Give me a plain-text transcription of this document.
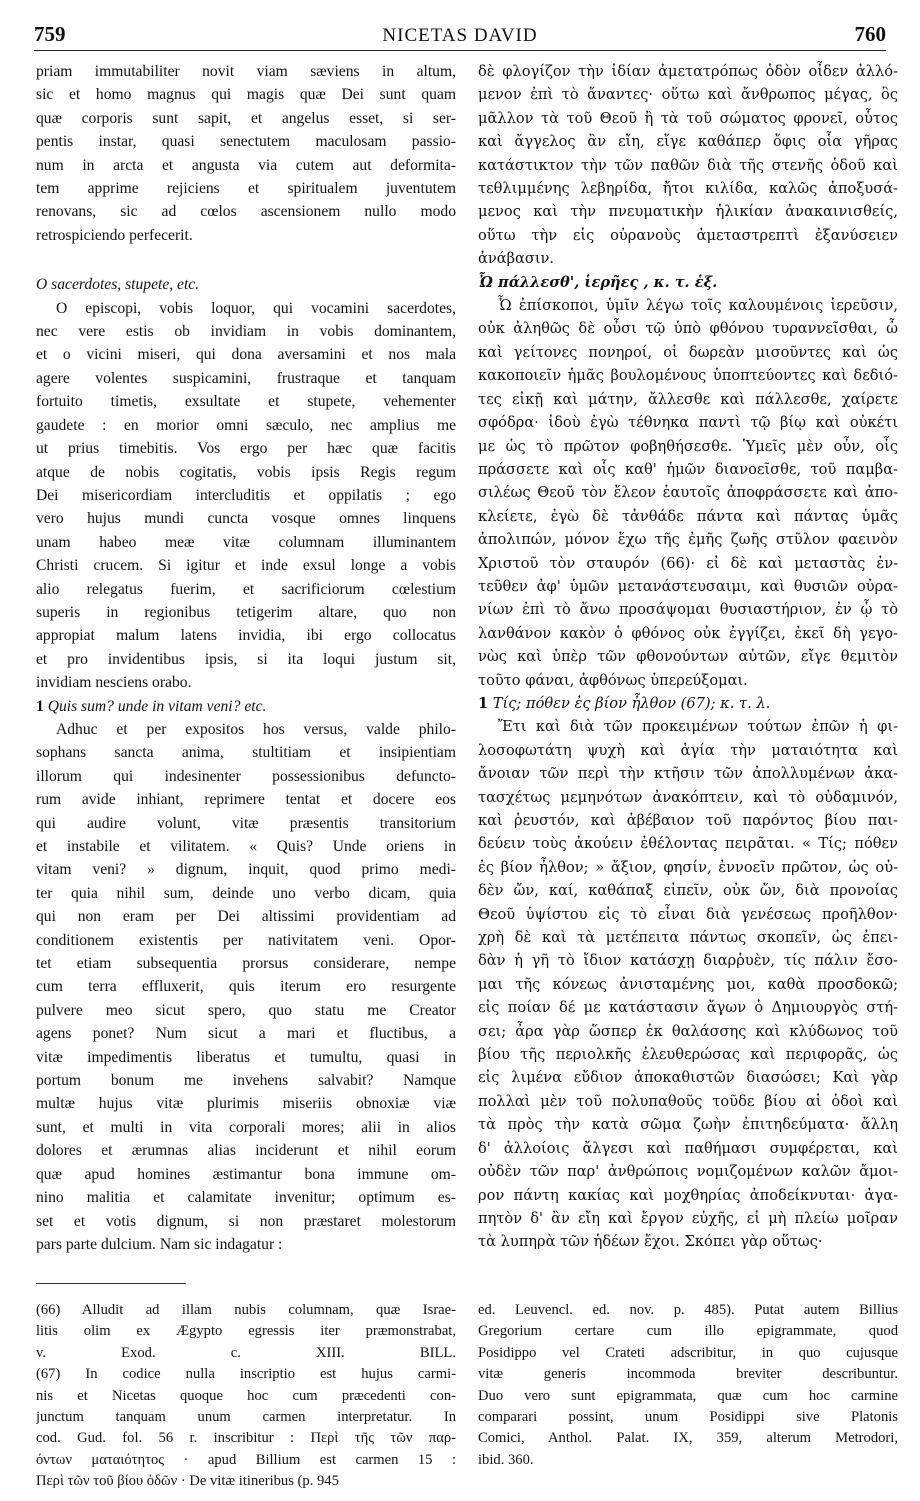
759	NICETAS DAVID	760
priam immutabiliter novit viam sæviens in altum,
sic et homo magnus qui magis quæ Dei sunt quam
quæ corporis sunt sapit, et angelus esset, si ser-
pentis instar, quasi senectutem maculosam passio-
num in arcta et angusta via cutem aut deformita-
tem apprime rejiciens et spiritualem juventutem
renovans, sic ad cœlos ascensionem nullo modo
retrospiciendo perfecerit.
O sacerdotes, stupete, etc.
O episcopi, vobis loquor, qui vocamini sacerdotes,
nec vere estis ob invidiam in vobis dominantem,
et o vicini miseri, qui dona aversamini et nos mala
agere volentes suspicamini, frustraque et tanquam
fortuito timetis, exsultate et stupete, vehementer
gaudete : en morior omni sæculo, nec amplius me
ut prius timebitis. Vos ergo per hæc quæ facitis
atque de nobis cogitatis, vobis ipsis Regis regum
Dei misericordiam intercluditis et oppilatis ; ego
vero hujus mundi cuncta vosque omnes linquens
unam habeo meæ vitæ columnam illuminantem
Christi crucem. Si igitur et inde exsul longe a vobis
alio relegatus fuerim, et sacrificiorum cœlestium
superis in regionibus tetigerim altare, quo non
appropiat malum latens invidia, ibi ergo collocatus
et pro invidentibus ipsis, si ita loqui justum sit,
invidiam nesciens orabo.
1 Quis sum? unde in vitam veni? etc.
Adhuc et per expositos hos versus, valde philo-
sophans sancta anima, stultitiam et insipientiam
illorum qui indesinenter possessionibus defuncto-
rum avide inhiant, reprimere tentat et docere eos
qui audire volunt, vitæ præsentis transitorium
et instabile et vilitatem. « Quis? Unde oriens in
vitam veni? » dignum, inquit, quod primo medi-
ter quia nihil sum, deinde uno verbo dicam, quia
qui non eram per Dei altissimi providentiam ad
conditionem existentis per nativitatem veni. Opor-
tet etiam subsequentia prorsus considerare, nempe
cum terra effluxerit, quis iterum ero resurgente
pulvere meo sicut spero, quo statu me Creator
agens ponet? Num sicut a mari et fluctibus, a
vitæ impedimentis liberatus et tumultu, quasi in
portum bonum me invehens salvabit? Namque
multæ hujus vitæ plurimis miseriis obnoxiæ viæ
sunt, et multi in vita corporali mores; alii in alios
dolores et ærumnas alias inciderunt et nihil eorum
quæ apud homines æstimantur bona immune om-
nino malitia et calamitate invenitur; optimum es-
set et votis dignum, si non præstaret molestorum
pars parte dulcium. Nam sic indagatur :
δὲ φλογίζον τὴν ἰδίαν ἀμετατρόπως ὁδὸν οἶδεν ἀλλό-
μενον ἐπὶ τὸ ἄναντες· οὕτω καὶ ἄνθρωπος μέγας, ὃς
μᾶλλον τὰ τοῦ Θεοῦ ἢ τὰ τοῦ σώματος φρονεῖ, οὗτος
καὶ ἄγγελος ἂν εἴη, εἴγε καθάπερ ὄφις οἷα γῆρας
κατάστικτον τὴν τῶν παθῶν διὰ τῆς στενῆς ὁδοῦ καὶ
τεθλιμμένης λεβηρίδα, ἤτοι κιλίδα, καλῶς ἀποξυσά-
μενος καὶ τὴν πνευματικὴν ἡλικίαν ἀνακαινισθείς,
οὕτω τὴν εἰς οὐρανοὺς ἀμεταστρεπτὶ ἐξανύσειεν
ἀνάβασιν.
Ὦ πάλλεσθ', ἱερῆες , κ. τ. ἑξ.
Ὦ ἐπίσκοποι, ὑμῖν λέγω τοῖς καλουμένοις ἱερεῦσιν,
οὐκ ἀληθῶς δὲ οὖσι τῷ ὑπὸ φθόνου τυραννεῖσθαι, ὦ
καὶ γείτονες πονηροί, οἱ δωρεὰν μισοῦντες καὶ ὡς
κακοποιεῖν ἡμᾶς βουλομένους ὑποπτεύοντες καὶ δεδιό-
τες εἰκῇ καὶ μάτην, ἄλλεσθε καὶ πάλλεσθε, χαίρετε
σφόδρα· ἰδοὺ ἐγὼ τέθνηκα παντὶ τῷ βίῳ καὶ οὐκέτι
με ὡς τὸ πρῶτον φοβηθήσεσθε. Ὑμεῖς μὲν οὖν, οἷς
πράσσετε καὶ οἷς καθ' ἡμῶν διανοεῖσθε, τοῦ παμβα-
σιλέως Θεοῦ τὸν ἔλεον ἑαυτοῖς ἀποφράσσετε καὶ ἀπο-
κλείετε, ἐγὼ δὲ τἀνθάδε πάντα καὶ πάντας ὑμᾶς
ἀπολιπών, μόνον ἔχω τῆς ἐμῆς ζωῆς στῦλον φαεινὸν
Χριστοῦ τὸν σταυρόν (66)· εἰ δὲ καὶ μεταστὰς ἐν-
τεῦθεν ἀφ' ὑμῶν μετανάστευσαιμι, καὶ θυσιῶν οὐρα-
νίων ἐπὶ τὸ ἄνω προσάψομαι θυσιαστήριον, ἐν ᾧ τὸ
λανθάνον κακὸν ὁ φθόνος οὐκ ἐγγίζει, ἐκεῖ δὴ γεγο-
νὼς καὶ ὑπὲρ τῶν φθονούντων αὐτῶν, εἴγε θεμιτὸν
τοῦτο φάναι, ἀφθόνως ὑπερεύξομαι.
1 Τίς; πόθεν ἐς βίον ἦλθον (67); κ. τ. λ.
Ἔτι καὶ διὰ τῶν προκειμένων τούτων ἐπῶν ἡ φι-
λοσοφωτάτη ψυχὴ καὶ ἁγία τὴν ματαιότητα καὶ
ἄνοιαν τῶν περὶ τὴν κτῆσιν τῶν ἀπολλυμένων ἀκα-
τασχέτως μεμηνότων ἀνακόπτειν, καὶ τὸ οὐδαμινόν,
καὶ ῥευστόν, καὶ ἀβέβαιον τοῦ παρόντος βίου παι-
δεύειν τοὺς ἀκούειν ἐθέλοντας πειρᾶται. « Τίς; πόθεν
ἐς βίον ἦλθον; » ἄξιον, φησίν, ἐννοεῖν πρῶτον, ὡς οὐ-
δὲν ὤν, καί, καθάπαξ εἰπεῖν, οὐκ ὤν, διὰ προνοίας
Θεοῦ ὑψίστου εἰς τὸ εἶναι διὰ γενέσεως προῆλθον·
χρὴ δὲ καὶ τὰ μετέπειτα πάντως σκοπεῖν, ὡς ἐπει-
δὰν ἡ γῆ τὸ ἴδιον κατάσχῃ διαρῥυὲν, τίς πάλιν ἔσο-
μαι τῆς κόνεως ἀνισταμένης μοι, καθὰ προσδοκῶ;
εἰς ποίαν δέ με κατάστασιν ἄγων ὁ Δημιουργὸς στή-
σει; ἆρα γὰρ ὥσπερ ἐκ θαλάσσης καὶ κλύδωνος τοῦ
βίου τῆς περιολκῆς ἐλευθερώσας καὶ περιφορᾶς, ὡς
εἰς λιμένα εὔδιον ἀποκαθιστῶν διασώσει; Καὶ γὰρ
πολλαὶ μὲν τοῦ πολυπαθοῦς τοῦδε βίου αἱ ὁδοὶ καὶ
τὰ πρὸς τὴν κατὰ σῶμα ζωὴν ἐπιτηδεύματα· ἄλλη
δ' ἀλλοίοις ἄλγεσι καὶ παθήμασι συμφέρεται, καὶ
οὐδὲν τῶν παρ' ἀνθρώποις νομιζομένων καλῶν ἄμοι-
ρον πάντη κακίας καὶ μοχθηρίας ἀποδείκνυται· ἀγα-
πητὸν δ' ἂν εἴη καὶ ἔργον εὐχῆς, εἰ μὴ πλείω μοῖραν
τὰ λυπηρὰ τῶν ἡδέων ἔχοι. Σκόπει γὰρ οὕτως·
(66) Alludit ad illam nubis columnam, quæ Israe-
litis olim ex Ægypto egressis iter præmonstrabat,
v. Exod. c. XIII. BILL.
(67) In codice nulla inscriptio est hujus carmi-
nis et Nicetas quoque hoc cum præcedenti con-
junctum tanquam unum carmen interpretatur. In
cod. Gud. fol. 56 r. inscribitur : Περὶ τῆς τῶν παρ-
όντων ματαιότητος · apud Billium est carmen 15 :
Περὶ τῶν τοῦ βίου ὁδῶν · De vitæ itineribus (p. 945
ed. Leuvencl. ed. nov. p. 485). Putat autem Billius
Gregorium certare cum illo epigrammate, quod
Posidippo vel Crateti adscribitur, in quo cujusque
vitæ generis incommoda breviter describuntur.
Duo vero sunt epigrammata, quæ cum hoc carmine
comparari possint, unum Posidippi sive Platonis
Comici, Anthol. Palat. IX, 359, alterum Metrodori,
ibid. 360.
